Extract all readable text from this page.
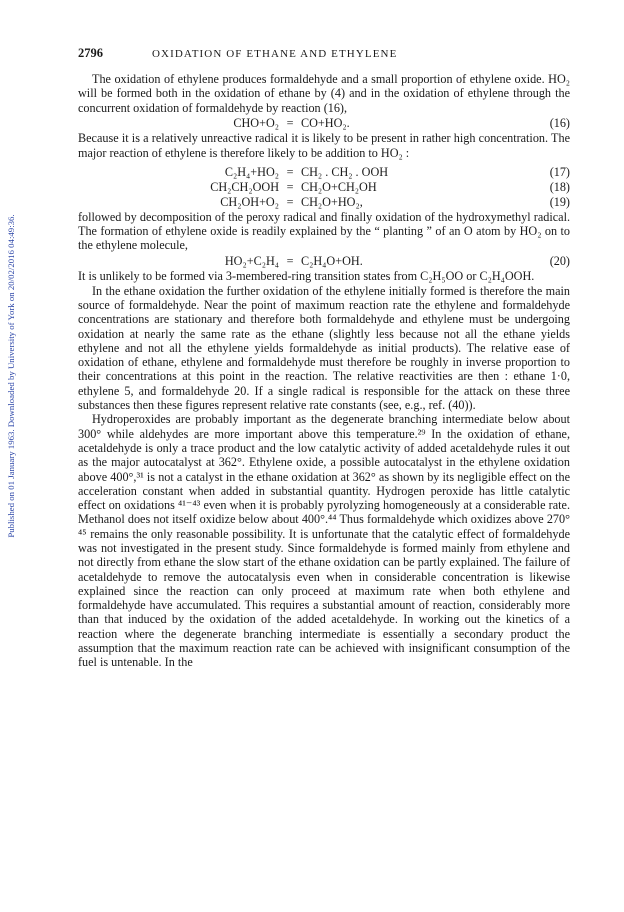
Published on 01 January 1963. Downloaded by University of York on 20/02/2016 04:49:36.
2796	OXIDATION OF ETHANE AND ETHYLENE

The oxidation of ethylene produces formaldehyde and a small proportion of ethylene oxide. HO₂ will be formed both in the oxidation of ethane by (4) and in the oxidation of ethylene through the concurrent oxidation of formaldehyde by reaction (16),

CHO+O₂ = CO+HO₂.	(16)

Because it is a relatively unreactive radical it is likely to be present in rather high concentration. The major reaction of ethylene is therefore likely to be addition to HO₂ :

C₂H₄+HO₂ = CH₂ . CH₂ . OOH	(17)
CH₂CH₂OOH = CH₂O+CH₂OH	(18)
CH₂OH+O₂ = CH₂O+HO₂,	(19)

followed by decomposition of the peroxy radical and finally oxidation of the hydroxymethyl radical. The formation of ethylene oxide is readily explained by the “ planting ” of an O atom by HO₂ on to the ethylene molecule,

HO₂+C₂H₄ = C₂H₄O+OH.	(20)

It is unlikely to be formed via 3-membered-ring transition states from C₂H₅OO or C₂H₄OOH.

In the ethane oxidation the further oxidation of the ethylene initially formed is therefore the main source of formaldehyde. Near the point of maximum reaction rate the ethylene and formaldehyde concentrations are stationary and therefore both formaldehyde and ethylene must be undergoing oxidation at nearly the same rate as the ethane (slightly less because not all the ethane yields ethylene and not all the ethylene yields formaldehyde as initial products). The relative ease of oxidation of ethane, ethylene and formaldehyde must therefore be roughly in inverse proportion to their concentrations at this point in the reaction. The relative reactivities are then : ethane 1·0, ethylene 5, and formaldehyde 20. If a single radical is responsible for the attack on these three substances then these figures represent relative rate constants (see, e.g., ref. (40)).

Hydroperoxides are probably important as the degenerate branching intermediate below about 300° while aldehydes are more important above this temperature.²⁹ In the oxidation of ethane, acetaldehyde is only a trace product and the low catalytic activity of added acetaldehyde rules it out as the major autocatalyst at 362°. Ethylene oxide, a possible autocatalyst in the ethylene oxidation above 400°,³¹ is not a catalyst in the ethane oxidation at 362° as shown by its negligible effect on the acceleration constant when added in substantial quantity. Hydrogen peroxide has little catalytic effect on oxidations ⁴¹⁻⁴³ even when it is probably pyrolyzing homogeneously at a considerable rate. Methanol does not itself oxidize below about 400°.⁴⁴ Thus formaldehyde which oxidizes above 270° ⁴⁵ remains the only reasonable possibility. It is unfortunate that the catalytic effect of formaldehyde was not investigated in the present study. Since formaldehyde is formed mainly from ethylene and not directly from ethane the slow start of the ethane oxidation can be partly explained. The failure of acetaldehyde to remove the autocatalysis even when in considerable concentration is likewise explained since the reaction can only proceed at maximum rate when both ethylene and formaldehyde have accumulated. This requires a substantial amount of reaction, considerably more than that induced by the oxidation of the added acetaldehyde. In working out the kinetics of a reaction where the degenerate branching intermediate is essentially a secondary product the assumption that the maximum reaction rate can be achieved with insignificant consumption of the fuel is untenable. In the
